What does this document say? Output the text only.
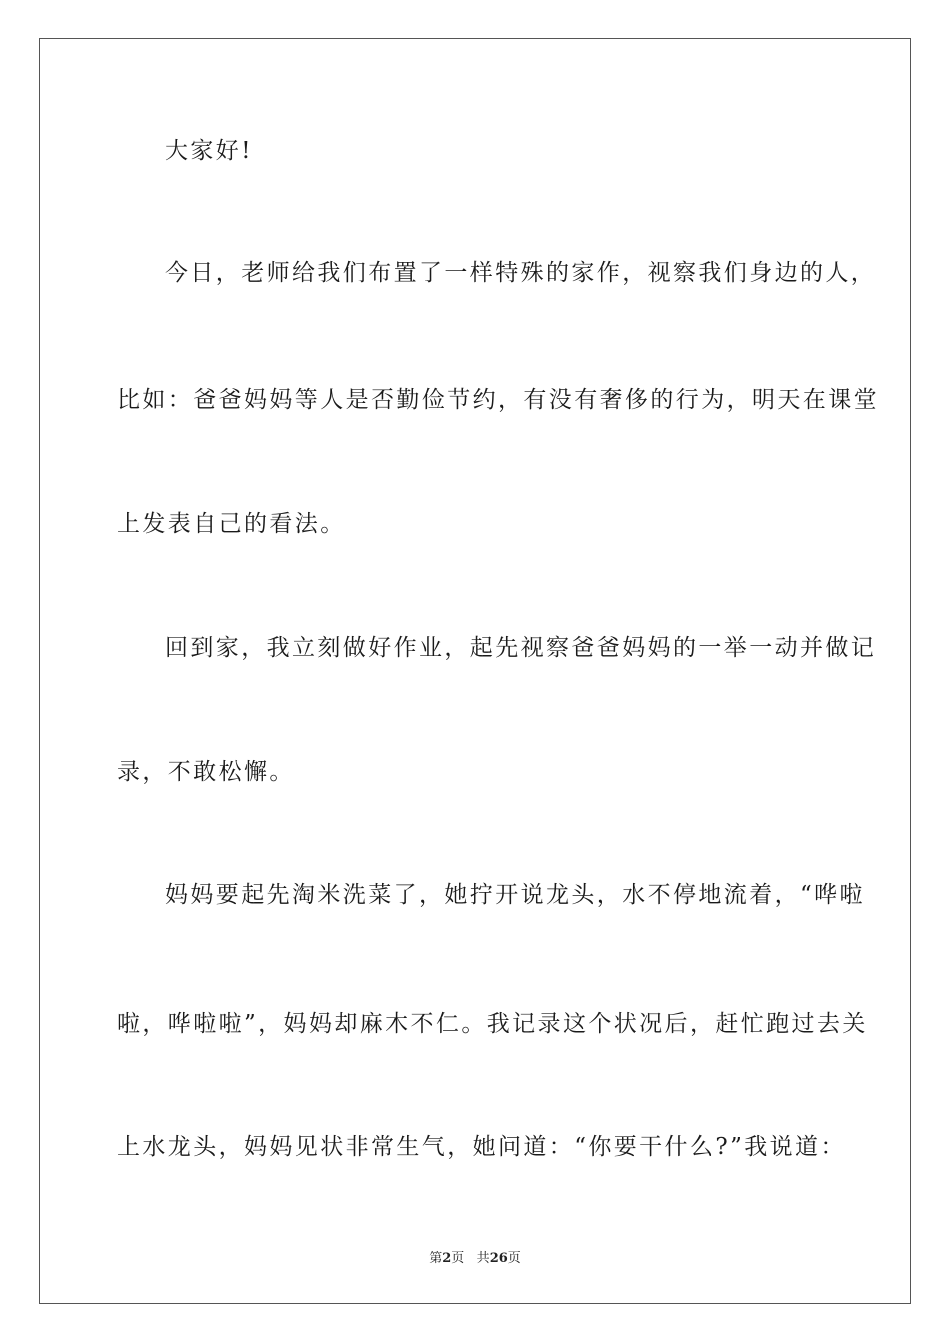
大家好!
今日，老师给我们布置了一样特殊的家作，视察我们身边的人，
比如：爸爸妈妈等人是否勤俭节约，有没有奢侈的行为，明天在课堂
上发表自己的看法。
回到家，我立刻做好作业，起先视察爸爸妈妈的一举一动并做记
录，不敢松懈。
妈妈要起先淘米洗菜了，她拧开说龙头，水不停地流着，“哗啦
啦，哗啦啦”，妈妈却麻木不仁。我记录这个状况后，赶忙跑过去关
上水龙头，妈妈见状非常生气，她问道：“你要干什么?”我说道：
第2页 共26页
